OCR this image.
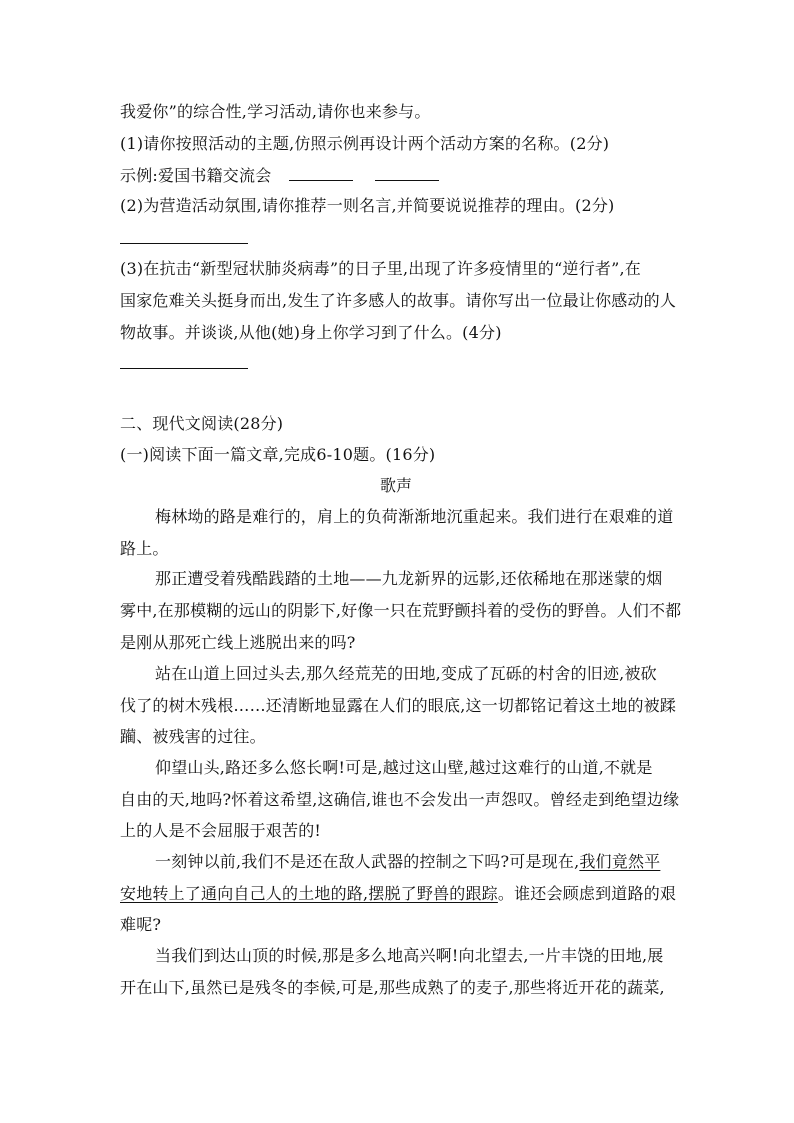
我爱你”的综合性,学习活动,请你也来参与。
(1)请你按照活动的主题,仿照示例再设计两个活动方案的名称。(2分)
示例:爱国书籍交流会
(2)为营造活动氛围,请你推荐一则名言,并简要说说推荐的理由。(2分)
(3)在抗击“新型冠状肺炎病毒”的日子里,出现了许多疫情里的“逆行者”,在
国家危难关头挺身而出,发生了许多感人的故事。请你写出一位最让你感动的人
物故事。并谈谈,从他(她)身上你学习到了什么。(4分)
二、现代文阅读(28分)
(一)阅读下面一篇文章,完成6-10题。(16分)
歌声
梅林坳的路是难行的，肩上的负荷渐渐地沉重起来。我们进行在艰难的道
路上。
那正遭受着残酷践踏的土地——九龙新界的远影,还依稀地在那迷蒙的烟
雾中,在那模糊的远山的阴影下,好像一只在荒野颤抖着的受伤的野兽。人们不都
是刚从那死亡线上逃脱出来的吗?
站在山道上回过头去,那久经荒芜的田地,变成了瓦砾的村舍的旧迹,被砍
伐了的树木残根……还清断地显露在人们的眼底,这一切都铭记着这土地的被蹂
躏、被残害的过往。
仰望山头,路还多么悠长啊!可是,越过这山壁,越过这难行的山道,不就是
自由的天,地吗?怀着这希望,这确信,谁也不会发出一声怨叹。曾经走到绝望边缘
上的人是不会屈服于艰苦的!
一刻钟以前,我们不是还在敌人武器的控制之下吗?可是现在,我们竟然平
安地转上了通向自己人的土地的路,摆脱了野兽的跟踪。谁还会顾虑到道路的艰
难呢?
当我们到达山顶的时候,那是多么地高兴啊!向北望去,一片丰饶的田地,展
开在山下,虽然已是残冬的李候,可是,那些成熟了的麦子,那些将近开花的蔬菜,
